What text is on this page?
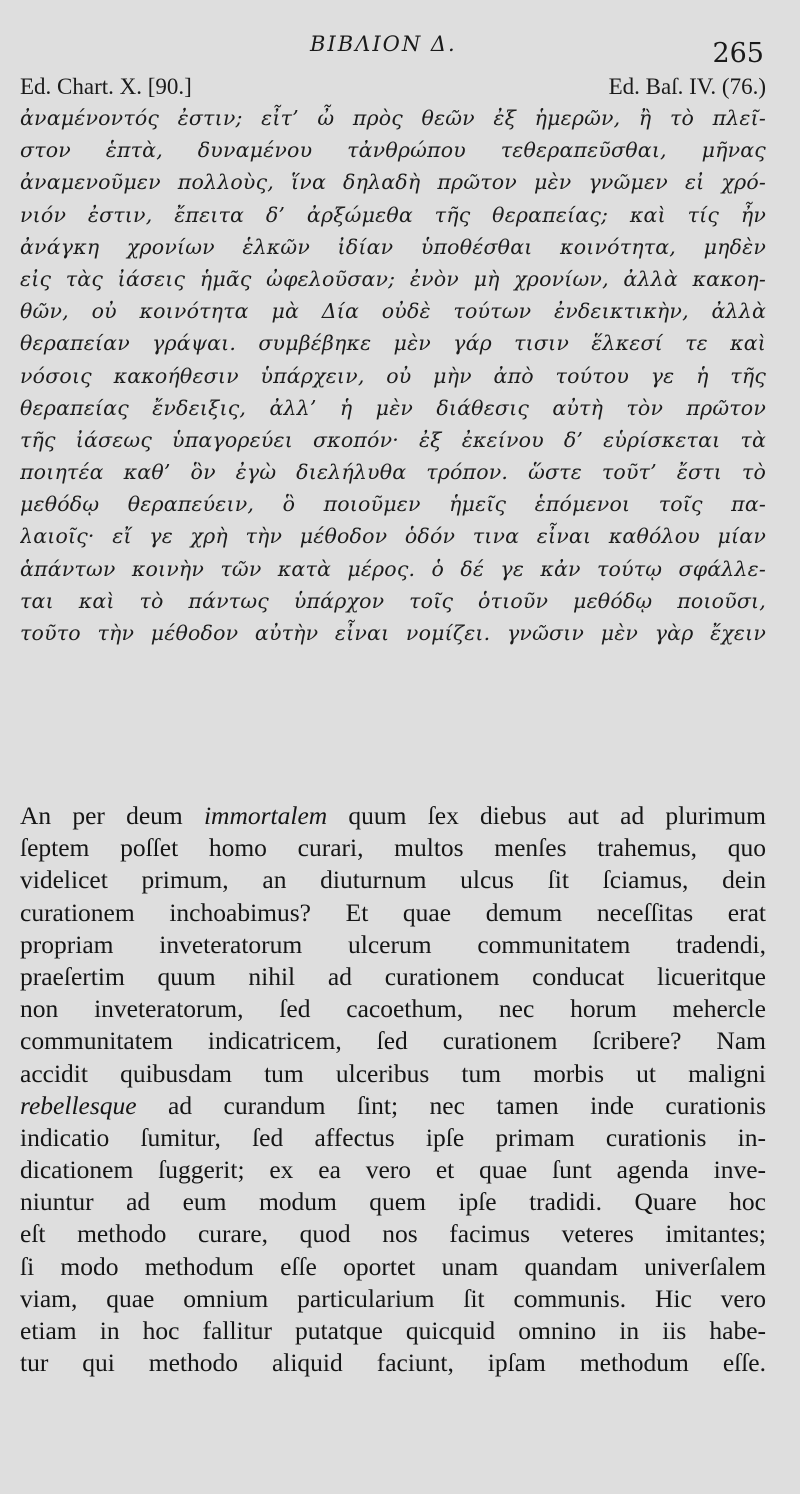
BIBΛIΟN Δ.	265
Ed. Chart. X. [90.]	Ed. Baſ. IV. (76.)
ἀναμένοντός ἐστιν; εἶτ’ ὦ πρὸς θεῶν ἐξ ἡμερῶν, ἢ τὸ πλεῖ-
στον ἑπτὰ, δυναμένου τἀνθρώπου τεθεραπεῦσθαι, μῆνας
ἀναμενοῦμεν πολλοὺς, ἵνα δηλαδὴ πρῶτον μὲν γνῶμεν εἰ χρό-
νιόν ἐστιν, ἔπειτα δ’ ἀρξώμεθα τῆς θεραπείας; καὶ τίς ἦν
ἀνάγκη χρονίων ἑλκῶν ἰδίαν ὑποθέσθαι κοινότητα, μηδὲν
εἰς τὰς ἰάσεις ἡμᾶς ὠφελοῦσαν; ἐνὸν μὴ χρονίων, ἀλλὰ κακοη-
θῶν, οὐ κοινότητα μὰ Δία οὐδὲ τούτων ἐνδεικτικὴν, ἀλλὰ
θεραπείαν γράψαι. συμβέβηκε μὲν γάρ τισιν ἕλκεσί τε καὶ
νόσοις κακοήθεσιν ὑπάρχειν, οὐ μὴν ἀπὸ τούτου γε ἡ τῆς
θεραπείας ἔνδειξις, ἀλλ’ ἡ μὲν διάθεσις αὐτὴ τὸν πρῶτον
τῆς ἰάσεως ὑπαγορεύει σκοπόν· ἐξ ἐκείνου δ’ εὑρίσκεται τὰ
ποιητέα καθ’ ὃν ἐγὼ διελήλυθα τρόπον. ὥστε τοῦτ’ ἔστι τὸ
μεθόδῳ θεραπεύειν, ὃ ποιοῦμεν ἡμεῖς ἑπόμενοι τοῖς πα-
λαιοῖς· εἴ γε χρὴ τὴν μέθοδον ὁδόν τινα εἶναι καθόλου μίαν
ἁπάντων κοινὴν τῶν κατὰ μέρος. ὁ δέ γε κἀν τούτῳ σφάλλε-
ται καὶ τὸ πάντως ὑπάρχον τοῖς ὁτιοῦν μεθόδῳ ποιοῦσι,
τοῦτο τὴν μέθοδον αὐτὴν εἶναι νομίζει. γνῶσιν μὲν γὰρ ἔχειν
An per deum immortalem quum ſex diebus aut ad plurimum
ſeptem poſſet homo curari, multos menſes trahemus, quo
videlicet primum, an diuturnum ulcus ſit ſciamus, dein
curationem inchoabimus? Et quae demum neceſſitas erat
propriam inveteratorum ulcerum communitatem tradendi,
praeſertim quum nihil ad curationem conducat licueritque
non inveteratorum, ſed cacoethum, nec horum mehercle
communitatem indicatricem, ſed curationem ſcribere? Nam
accidit quibusdam tum ulceribus tum morbis ut maligni
rebellesque ad curandum ſint; nec tamen inde curationis
indicatio ſumitur, ſed affectus ipſe primam curationis in-
dicationem ſuggerit; ex ea vero et quae ſunt agenda inve-
niuntur ad eum modum quem ipſe tradidi. Quare hoc
eſt methodo curare, quod nos facimus veteres imitantes;
ſi modo methodum eſſe oportet unam quandam univerſalem
viam, quae omnium particularium ſit communis. Hic vero
etiam in hoc fallitur putatque quicquid omnino in iis habe-
tur qui methodo aliquid faciunt, ipſam methodum eſſe.
